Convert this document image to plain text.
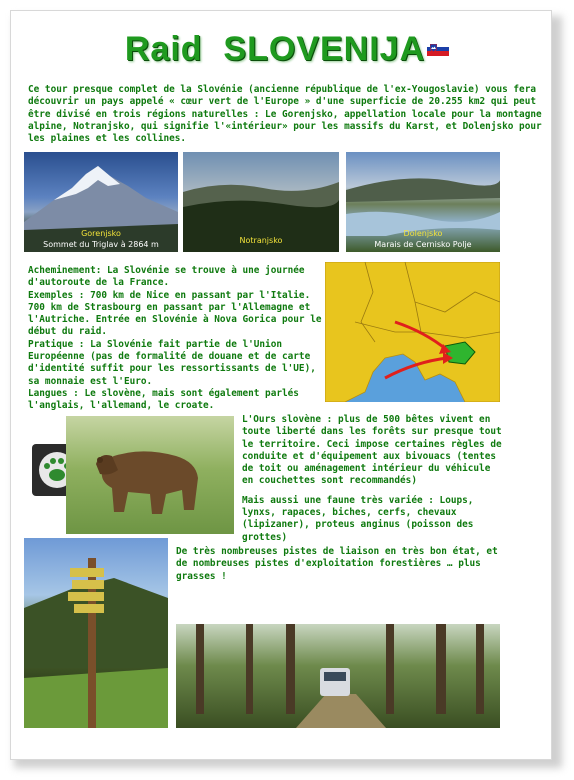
Raid  SLOVENIJA

Ce tour presque complet de la Slovénie (ancienne république de l'ex-Yougoslavie) vous fera découvrir un pays appelé « cœur vert de l'Europe » d'une superficie de 20.255 km2 qui peut être divisé en trois régions naturelles : Le Gorenjsko, appellation locale pour la montagne alpine, Notranjsko, qui signifie l'«intérieur» pour les massifs du Karst, et Dolenjsko pour les plaines et les collines.

Gorenjsko
Sommet du Triglav à 2864 m	Notranjsko
Dolenjsko
Marais de Cernisko Polje

Acheminement: La Slovénie se trouve à une journée d'autoroute de la France.

Exemples : 700 km de Nice en passant par l'Italie. 700 km de Strasbourg en passant par l'Allemagne et l'Autriche. Entrée en Slovénie à Nova Gorica pour le début du raid.

Pratique : La Slovénie fait partie de l'Union Européenne (pas de formalité de douane et de carte d'identité suffit pour les ressortissants de l'UE), sa monnaie est l'Euro.

Langues : Le slovène, mais sont également parlés l'anglais, l'allemand, le croate.

L'Ours slovène : plus de 500 bêtes vivent en toute liberté dans les forêts sur presque tout le territoire. Ceci impose certaines règles de conduite et d'équipement aux bivouacs (tentes de toit ou aménagement intérieur du véhicule en couchettes sont recommandés)

Mais aussi une faune très variée : Loups, lynxs, rapaces, biches, cerfs, chevaux (lipizaner), proteus anginus (poisson des grottes)

De très nombreuses pistes de liaison en très bon état, et de nombreuses pistes d'exploitation forestières … plus grasses !
